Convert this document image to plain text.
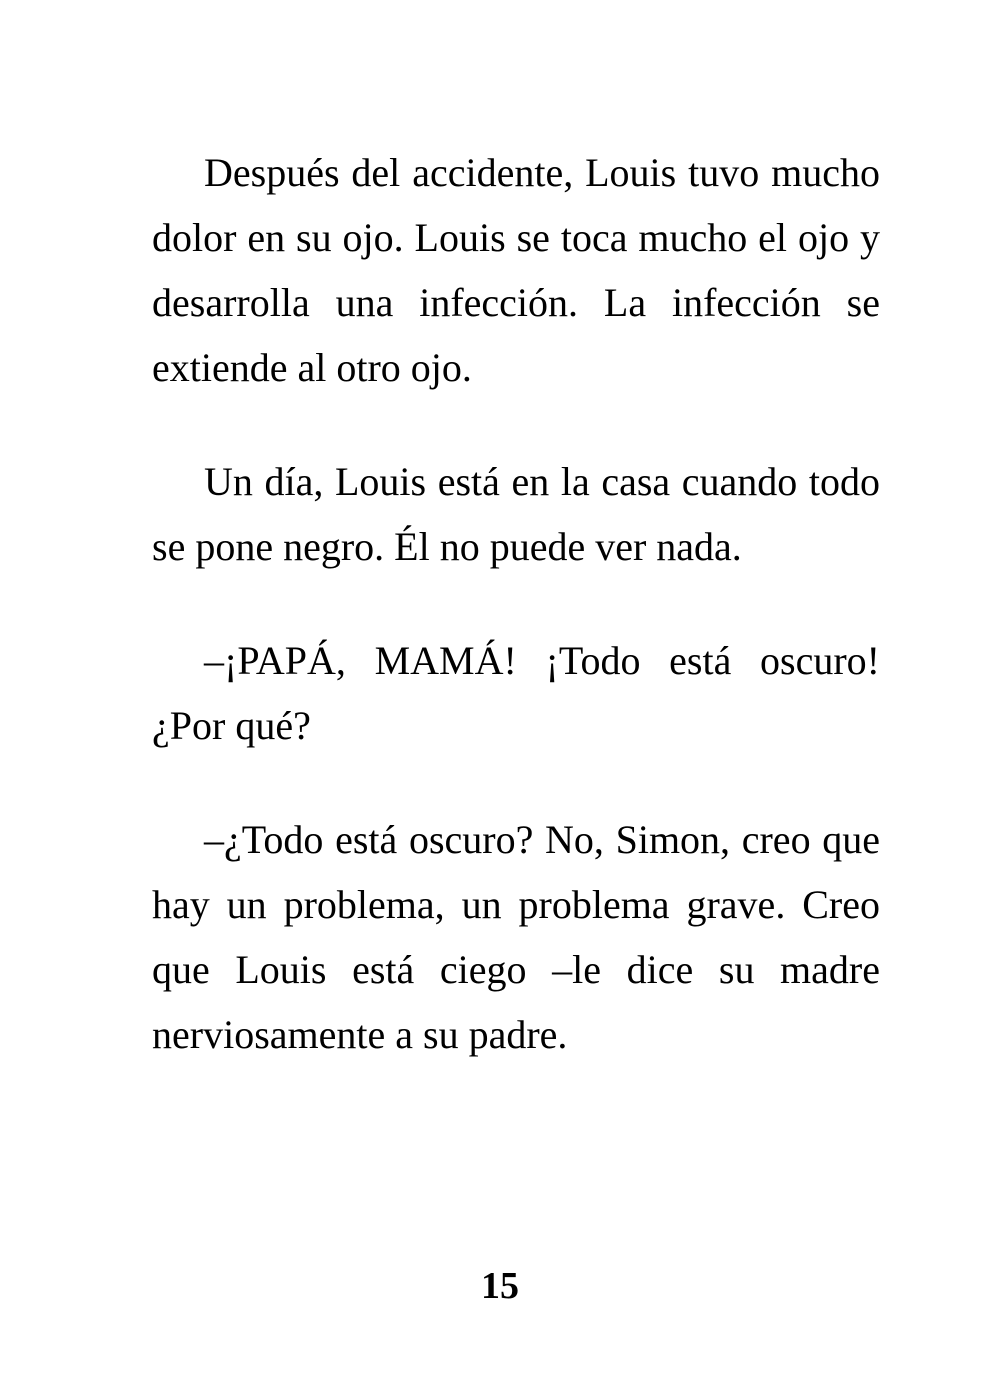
Después del accidente, Louis tuvo mucho dolor en su ojo. Louis se toca mucho el ojo y desarrolla una infección. La infección se extiende al otro ojo.

Un día, Louis está en la casa cuando todo se pone negro. Él no puede ver nada.

–¡PAPÁ, MAMÁ! ¡Todo está oscuro! ¿Por qué?

–¿Todo está oscuro? No, Simon, creo que hay un problema, un problema grave. Creo que Louis está ciego –le dice su madre nerviosamente a su padre.

15
